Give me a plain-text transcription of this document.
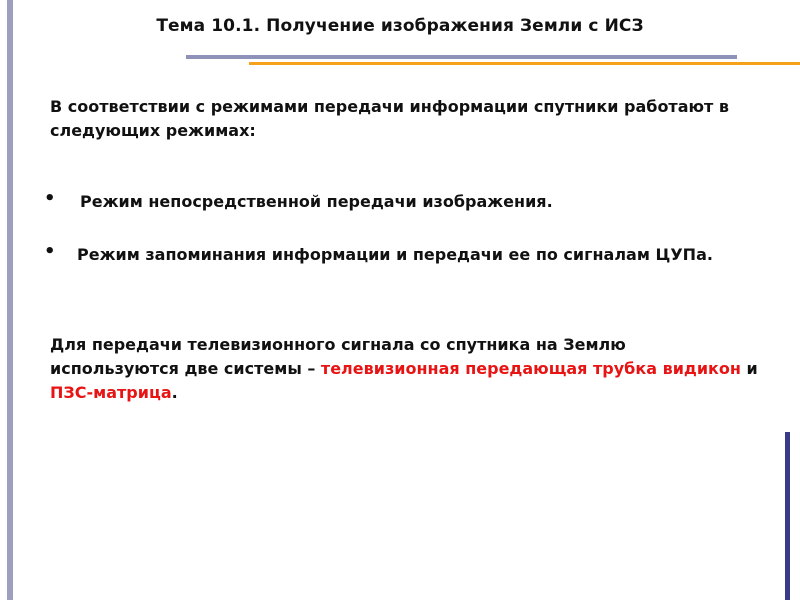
Тема 10.1. Получение изображения Земли с ИСЗ
В соответствии с режимами передачи информации спутники работают в следующих режимах:
• Режим непосредственной передачи изображения.
• Режим запоминания информации и передачи ее по сигналам ЦУПа.
Для передачи телевизионного сигнала со спутника на Землю используются две системы – телевизионная передающая трубка видикон и ПЗС-матрица.
